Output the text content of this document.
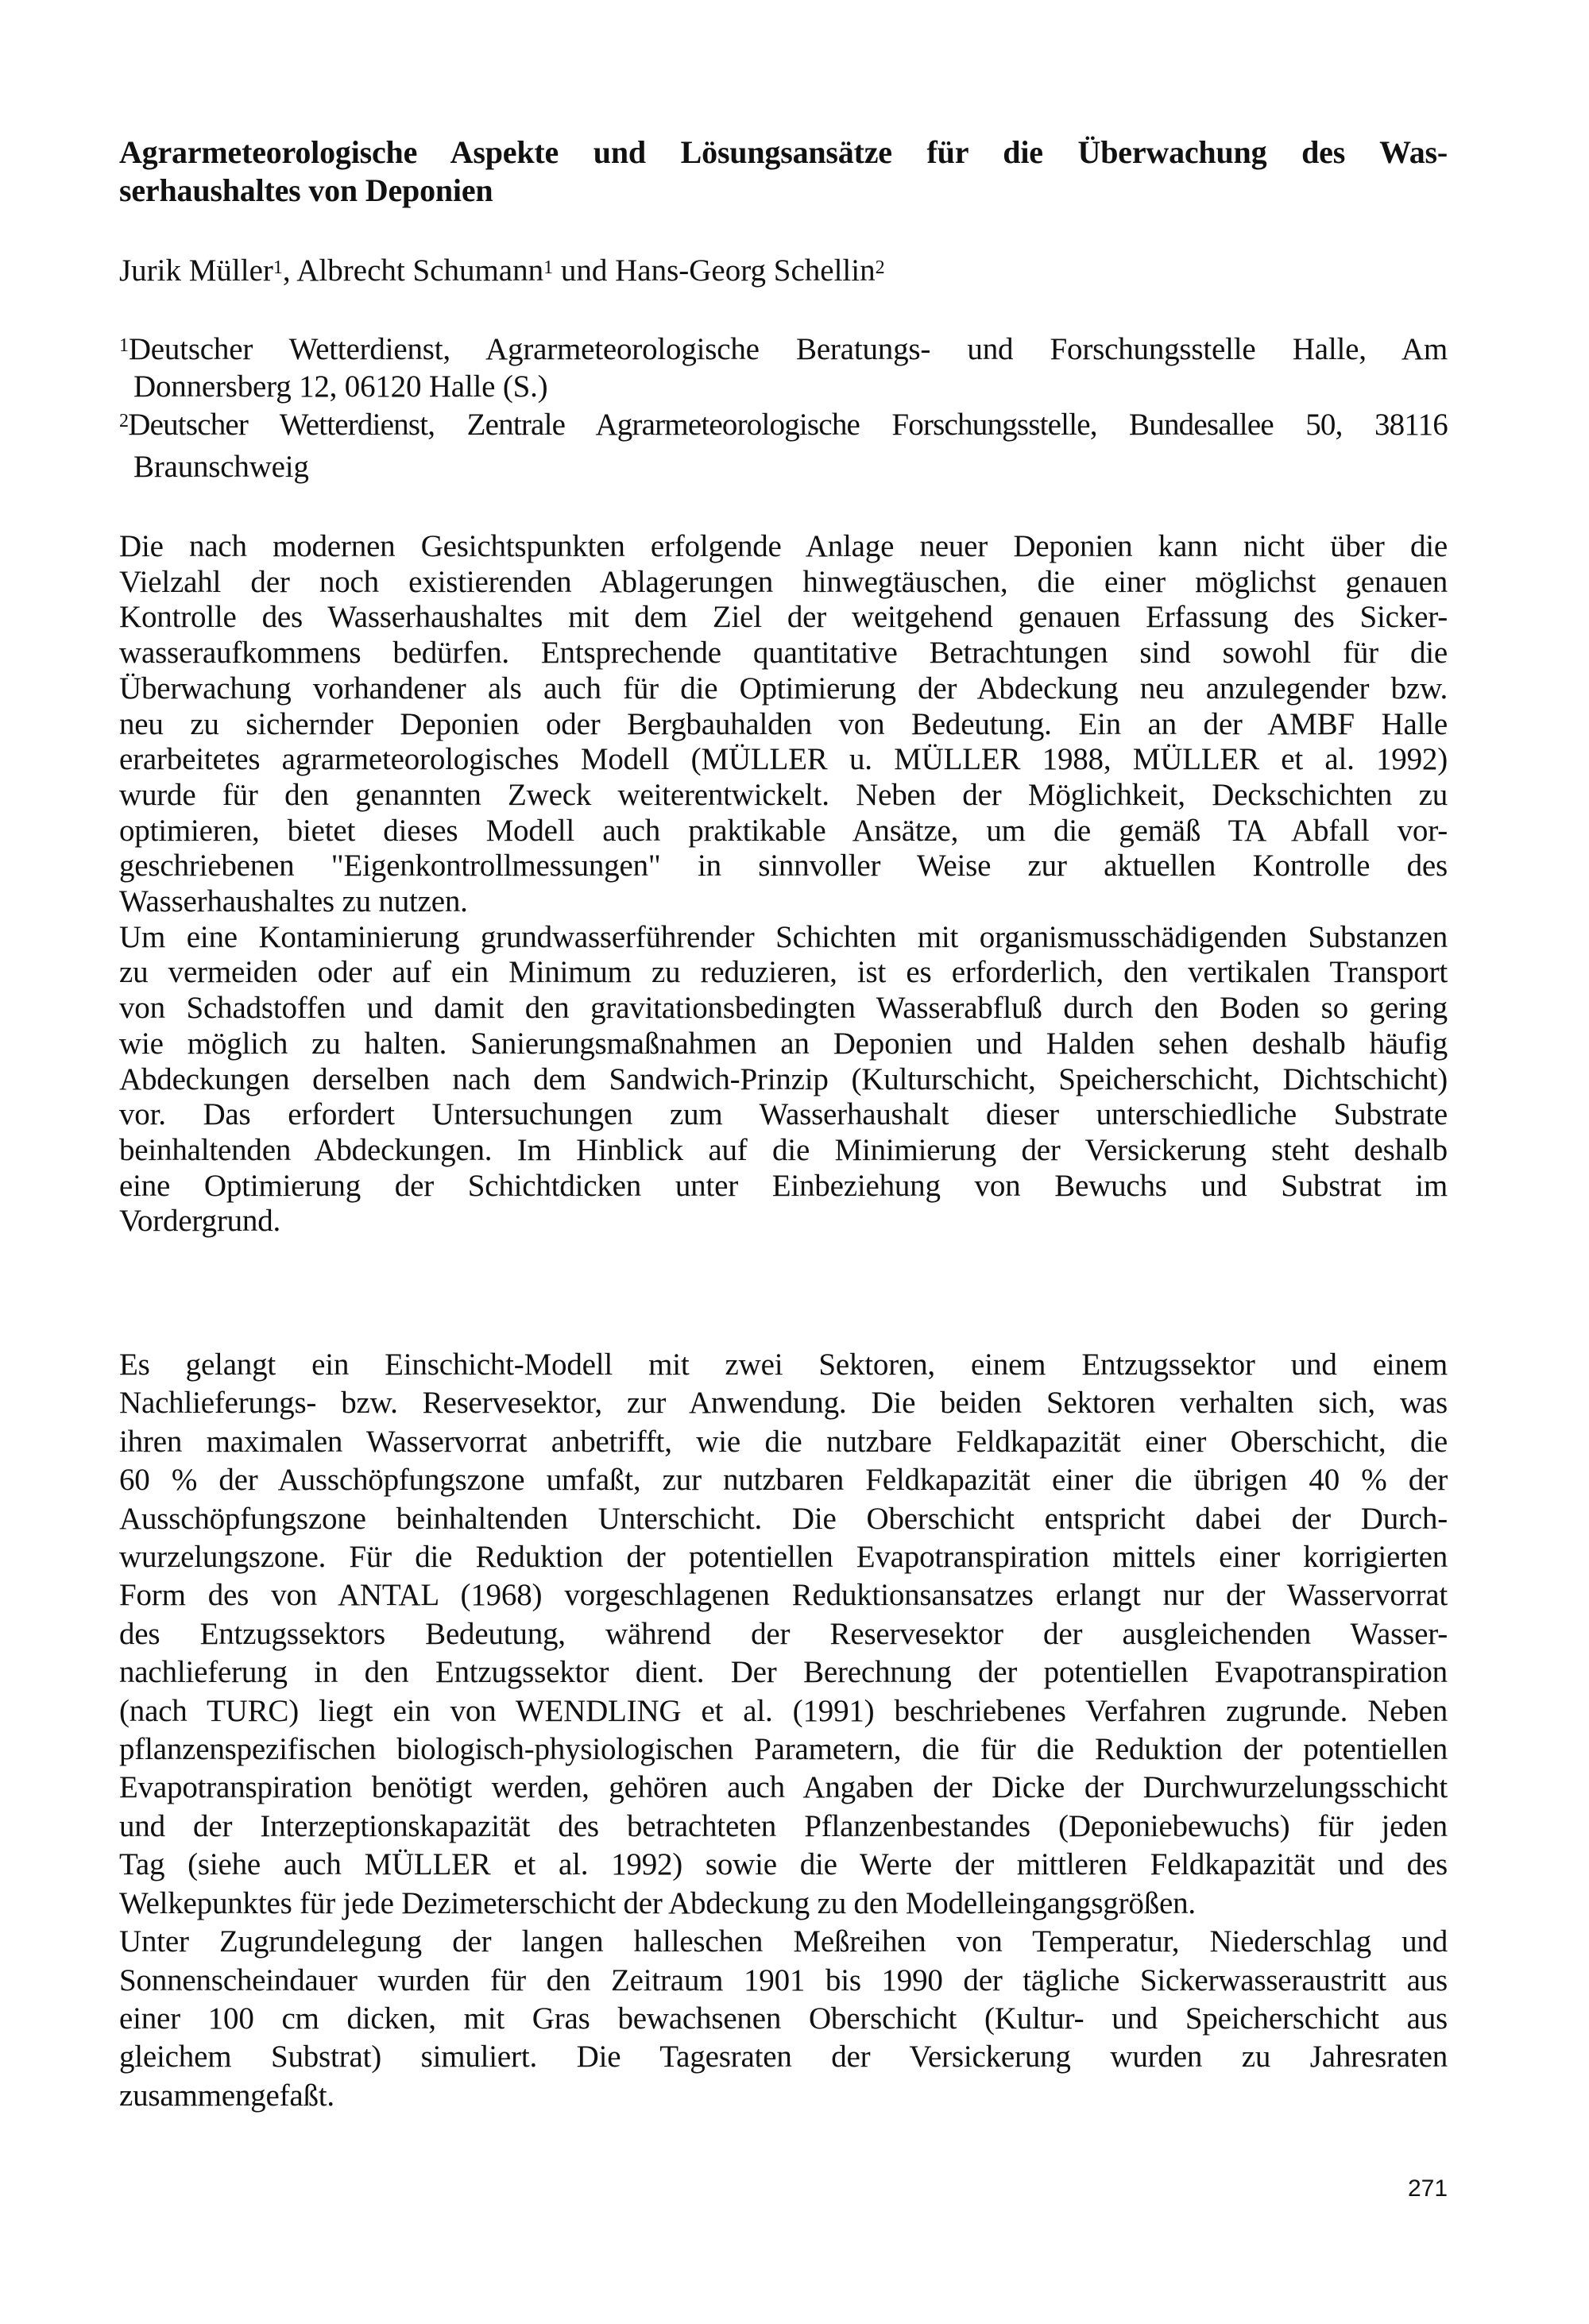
Agrarmeteorologische Aspekte und Lösungsansätze für die Überwachung des Was-
serhaushaltes von Deponien
Jurik Müller$^1$, Albrecht Schumann$^1$ und Hans-Georg Schellin$^2$
$^1$Deutscher Wetterdienst, Agrarmeteorologische Beratungs- und Forschungsstelle Halle, Am
Donnersberg 12, 06120 Halle (S.)
$^2$Deutscher Wetterdienst, Zentrale Agrarmeteorologische Forschungsstelle, Bundesallee 50, 38116
Braunschweig
Die nach modernen Gesichtspunkten erfolgende Anlage neuer Deponien kann nicht über die
Vielzahl der noch existierenden Ablagerungen hinwegtäuschen, die einer möglichst genauen
Kontrolle des Wasserhaushaltes mit dem Ziel der weitgehend genauen Erfassung des Sicker-
wasseraufkommens bedürfen. Entsprechende quantitative Betrachtungen sind sowohl für die
Überwachung vorhandener als auch für die Optimierung der Abdeckung neu anzulegender bzw.
neu zu sichernder Deponien oder Bergbauhalden von Bedeutung. Ein an der AMBF Halle
erarbeitetes agrarmeteorologisches Modell (MÜLLER u. MÜLLER 1988, MÜLLER et al. 1992)
wurde für den genannten Zweck weiterentwickelt. Neben der Möglichkeit, Deckschichten zu
optimieren, bietet dieses Modell auch praktikable Ansätze, um die gemäß TA Abfall vor-
geschriebenen "Eigenkontrollmessungen" in sinnvoller Weise zur aktuellen Kontrolle des
Wasserhaushaltes zu nutzen.
Um eine Kontaminierung grundwasserführender Schichten mit organismusschädigenden Substanzen
zu vermeiden oder auf ein Minimum zu reduzieren, ist es erforderlich, den vertikalen Transport
von Schadstoffen und damit den gravitationsbedingten Wasserabfluß durch den Boden so gering
wie möglich zu halten. Sanierungsmaßnahmen an Deponien und Halden sehen deshalb häufig
Abdeckungen derselben nach dem Sandwich-Prinzip (Kulturschicht, Speicherschicht, Dichtschicht)
vor. Das erfordert Untersuchungen zum Wasserhaushalt dieser unterschiedliche Substrate
beinhaltenden Abdeckungen. Im Hinblick auf die Minimierung der Versickerung steht deshalb
eine Optimierung der Schichtdicken unter Einbeziehung von Bewuchs und Substrat im
Vordergrund.
Es gelangt ein Einschicht-Modell mit zwei Sektoren, einem Entzugssektor und einem
Nachlieferungs- bzw. Reservesektor, zur Anwendung. Die beiden Sektoren verhalten sich, was
ihren maximalen Wasservorrat anbetrifft, wie die nutzbare Feldkapazität einer Oberschicht, die
60 % der Ausschöpfungszone umfaßt, zur nutzbaren Feldkapazität einer die übrigen 40 % der
Ausschöpfungszone beinhaltenden Unterschicht. Die Oberschicht entspricht dabei der Durch-
wurzelungszone. Für die Reduktion der potentiellen Evapotranspiration mittels einer korrigierten
Form des von ANTAL (1968) vorgeschlagenen Reduktionsansatzes erlangt nur der Wasservorrat
des Entzugssektors Bedeutung, während der Reservesektor der ausgleichenden Wasser-
nachlieferung in den Entzugssektor dient. Der Berechnung der potentiellen Evapotranspiration
(nach TURC) liegt ein von WENDLING et al. (1991) beschriebenes Verfahren zugrunde. Neben
pflanzenspezifischen biologisch-physiologischen Parametern, die für die Reduktion der potentiellen
Evapotranspiration benötigt werden, gehören auch Angaben der Dicke der Durchwurzelungsschicht
und der Interzeptionskapazität des betrachteten Pflanzenbestandes (Deponiebewuchs) für jeden
Tag (siehe auch MÜLLER et al. 1992) sowie die Werte der mittleren Feldkapazität und des
Welkepunktes für jede Dezimeterschicht der Abdeckung zu den Modelleingangsgrößen.
Unter Zugrundelegung der langen halleschen Meßreihen von Temperatur, Niederschlag und
Sonnenscheindauer wurden für den Zeitraum 1901 bis 1990 der tägliche Sickerwasseraustritt aus
einer 100 cm dicken, mit Gras bewachsenen Oberschicht (Kultur- und Speicherschicht aus
gleichem Substrat) simuliert. Die Tagesraten der Versickerung wurden zu Jahresraten
zusammengefaßt.
271
